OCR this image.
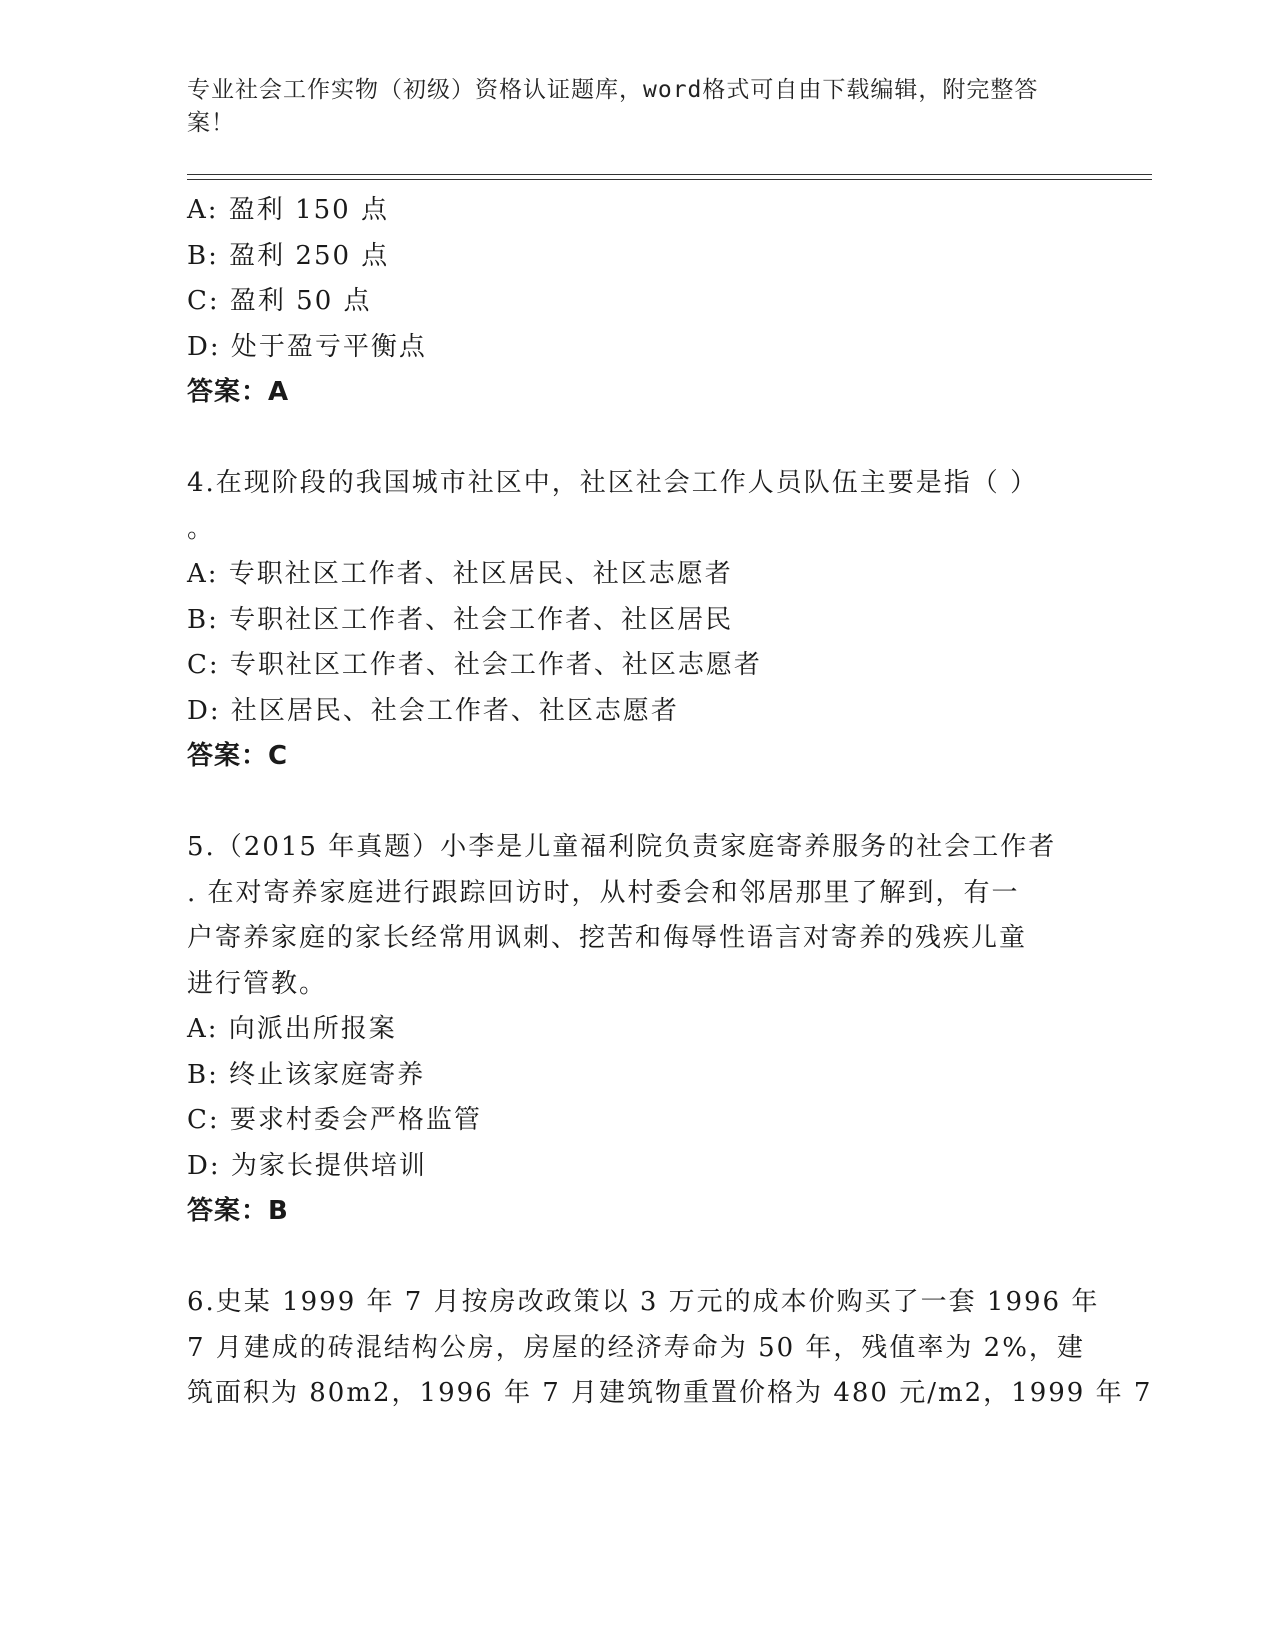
专业社会工作实物（初级）资格认证题库，word格式可自由下载编辑，附完整答案！
A: 盈利 150 点
B: 盈利 250 点
C: 盈利 50 点
D: 处于盈亏平衡点
答案：A
4.在现阶段的我国城市社区中，社区社会工作人员队伍主要是指（ ）
。
A: 专职社区工作者、社区居民、社区志愿者
B: 专职社区工作者、社会工作者、社区居民
C: 专职社区工作者、社会工作者、社区志愿者
D: 社区居民、社会工作者、社区志愿者
答案：C
5.（2015 年真题）小李是儿童福利院负责家庭寄养服务的社会工作者
. 在对寄养家庭进行跟踪回访时，从村委会和邻居那里了解到，有一
户寄养家庭的家长经常用讽刺、挖苦和侮辱性语言对寄养的残疾儿童
进行管教。
A: 向派出所报案
B: 终止该家庭寄养
C: 要求村委会严格监管
D: 为家长提供培训
答案：B
6.史某 1999 年 7 月按房改政策以 3 万元的成本价购买了一套 1996 年
7 月建成的砖混结构公房，房屋的经济寿命为 50 年，残值率为 2%，建
筑面积为 80m2，1996 年 7 月建筑物重置价格为 480 元/m2，1999 年 7
